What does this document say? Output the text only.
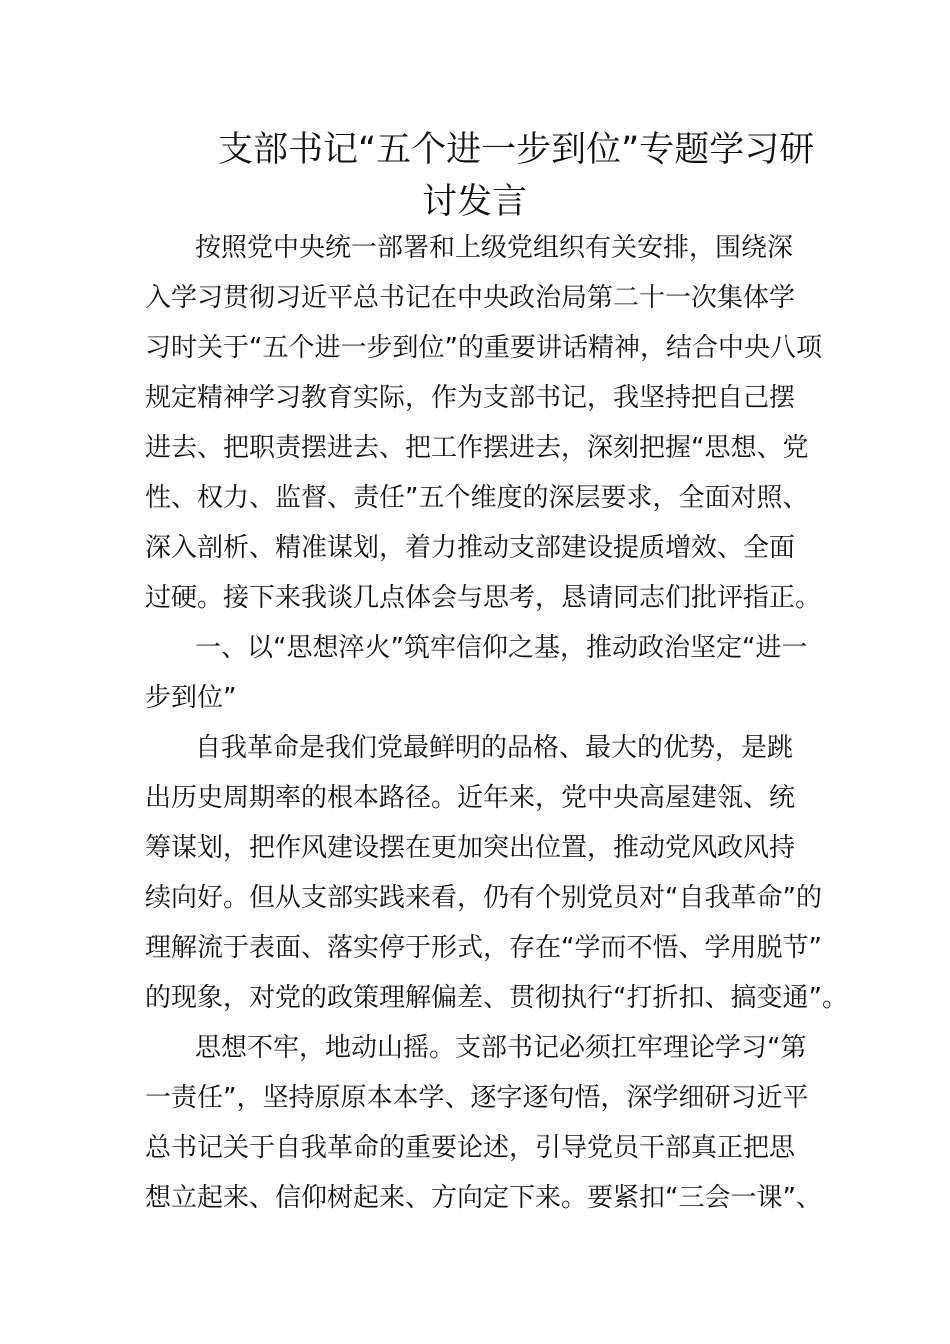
支部书记“五个进一步到位”专题学习研
讨发言
按照党中央统一部署和上级党组织有关安排，围绕深
入学习贯彻习近平总书记在中央政治局第二十一次集体学
习时关于“五个进一步到位”的重要讲话精神，结合中央八项
规定精神学习教育实际，作为支部书记，我坚持把自己摆
进去、把职责摆进去、把工作摆进去，深刻把握“思想、党
性、权力、监督、责任”五个维度的深层要求，全面对照、
深入剖析、精准谋划，着力推动支部建设提质增效、全面
过硬。接下来我谈几点体会与思考，恳请同志们批评指正。
一、以“思想淬火”筑牢信仰之基，推动政治坚定“进一
步到位”
自我革命是我们党最鲜明的品格、最大的优势，是跳
出历史周期率的根本路径。近年来，党中央高屋建瓴、统
筹谋划，把作风建设摆在更加突出位置，推动党风政风持
续向好。但从支部实践来看，仍有个别党员对“自我革命”的
理解流于表面、落实停于形式，存在“学而不悟、学用脱节”
的现象，对党的政策理解偏差、贯彻执行“打折扣、搞变通”。
思想不牢，地动山摇。支部书记必须扛牢理论学习“第
一责任”，坚持原原本本学、逐字逐句悟，深学细研习近平
总书记关于自我革命的重要论述，引导党员干部真正把思
想立起来、信仰树起来、方向定下来。要紧扣“三会一课”、
